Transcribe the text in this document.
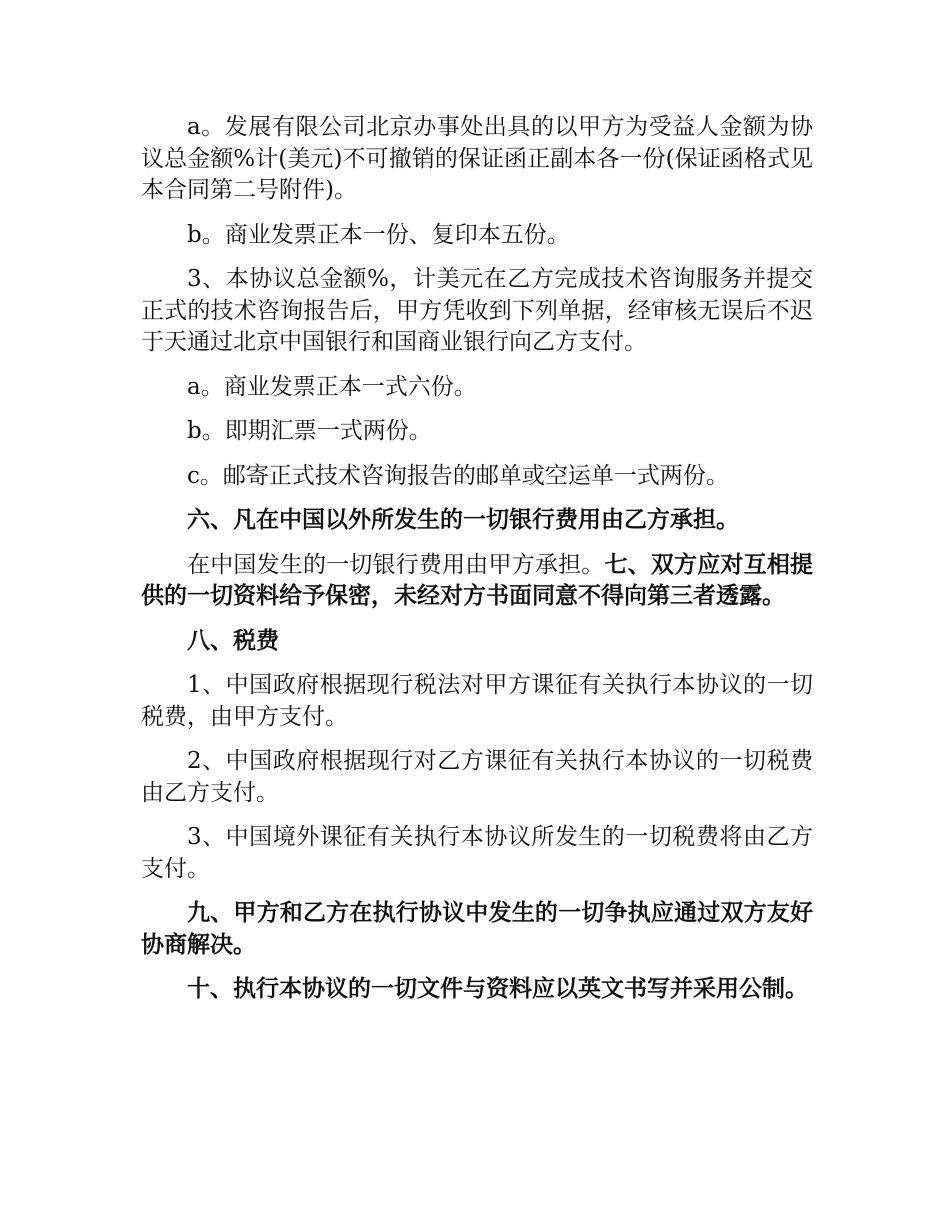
a。发展有限公司北京办事处出具的以甲方为受益人金额为协议总金额%计(美元)不可撤销的保证函正副本各一份(保证函格式见本合同第二号附件)。

b。商业发票正本一份、复印本五份。

3、本协议总金额%，计美元在乙方完成技术咨询服务并提交正式的技术咨询报告后，甲方凭收到下列单据，经审核无误后不迟于天通过北京中国银行和国商业银行向乙方支付。

a。商业发票正本一式六份。

b。即期汇票一式两份。

c。邮寄正式技术咨询报告的邮单或空运单一式两份。

六、凡在中国以外所发生的一切银行费用由乙方承担。

在中国发生的一切银行费用由甲方承担。七、双方应对互相提供的一切资料给予保密，未经对方书面同意不得向第三者透露。

八、税费

1、中国政府根据现行税法对甲方课征有关执行本协议的一切税费，由甲方支付。

2、中国政府根据现行对乙方课征有关执行本协议的一切税费由乙方支付。

3、中国境外课征有关执行本协议所发生的一切税费将由乙方支付。

九、甲方和乙方在执行协议中发生的一切争执应通过双方友好协商解决。

十、执行本协议的一切文件与资料应以英文书写并采用公制。
